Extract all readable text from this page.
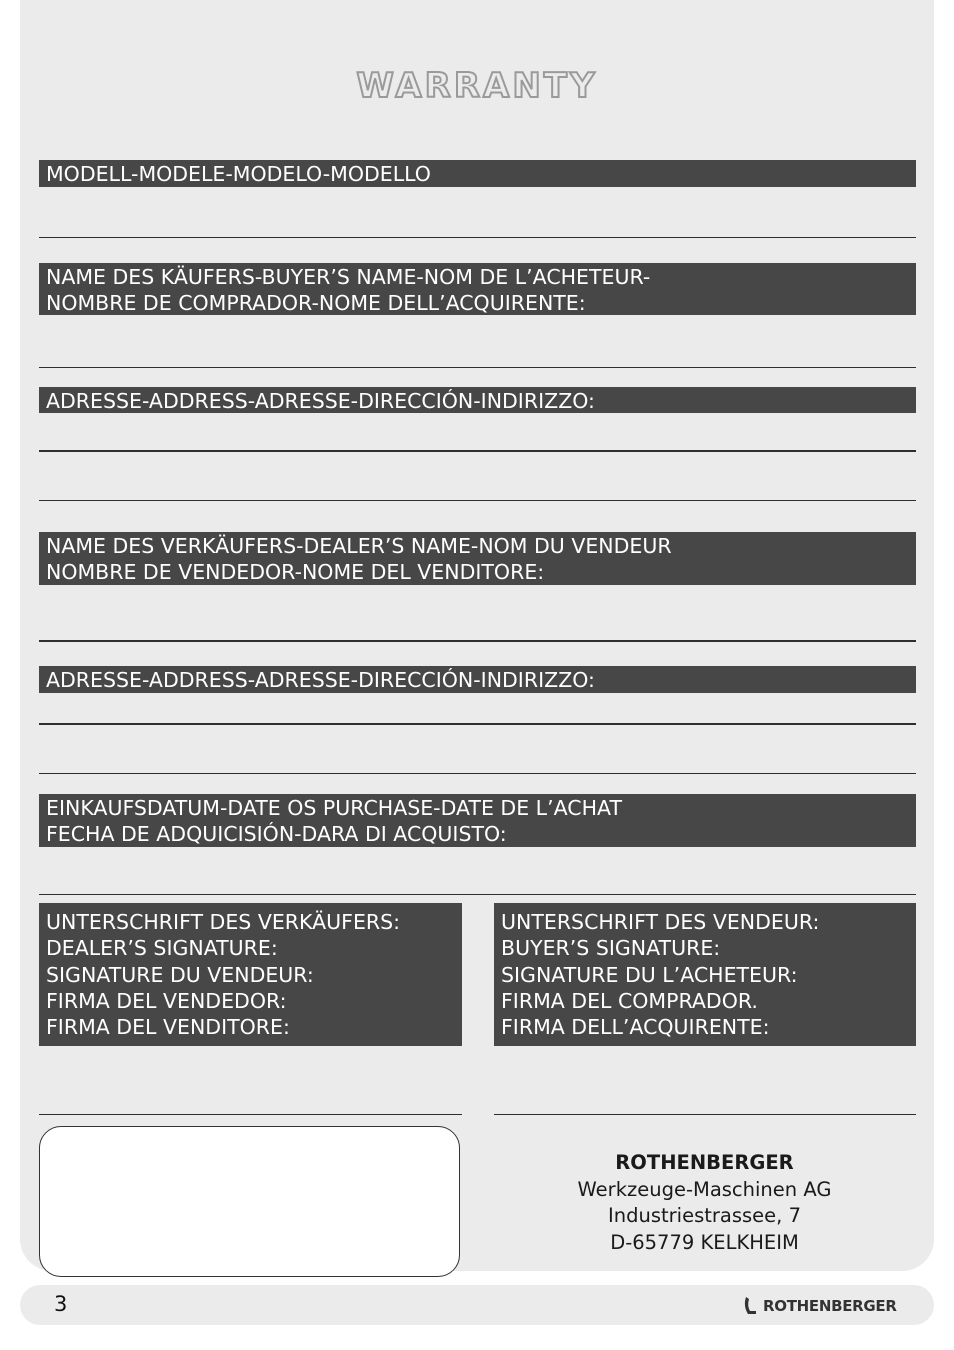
WARRANTY
MODELL-MODELE-MODELO-MODELLO
NAME DES KÄUFERS-BUYER’S NAME-NOM DE L’ACHETEUR-
NOMBRE DE COMPRADOR-NOME DELL’ACQUIRENTE:
ADRESSE-ADDRESS-ADRESSE-DIRECCIÓN-INDIRIZZO:
NAME DES VERKÄUFERS-DEALER’S NAME-NOM DU VENDEUR
NOMBRE DE VENDEDOR-NOME DEL VENDITORE:
ADRESSE-ADDRESS-ADRESSE-DIRECCIÓN-INDIRIZZO:
EINKAUFSDATUM-DATE OS PURCHASE-DATE DE L’ACHAT
FECHA DE ADQUICISIÓN-DARA DI ACQUISTO:
UNTERSCHRIFT DES VERKÄUFERS:
DEALER’S SIGNATURE:
SIGNATURE DU VENDEUR:
FIRMA DEL VENDEDOR:
FIRMA DEL VENDITORE:
UNTERSCHRIFT DES VENDEUR:
BUYER’S SIGNATURE:
SIGNATURE DU L’ACHETEUR:
FIRMA DEL COMPRADOR.
FIRMA DELL’ACQUIRENTE:
ROTHENBERGER
Werkzeuge-Maschinen AG
Industriestrassee, 7
D-65779 KELKHEIM
3	ROTHENBERGER
